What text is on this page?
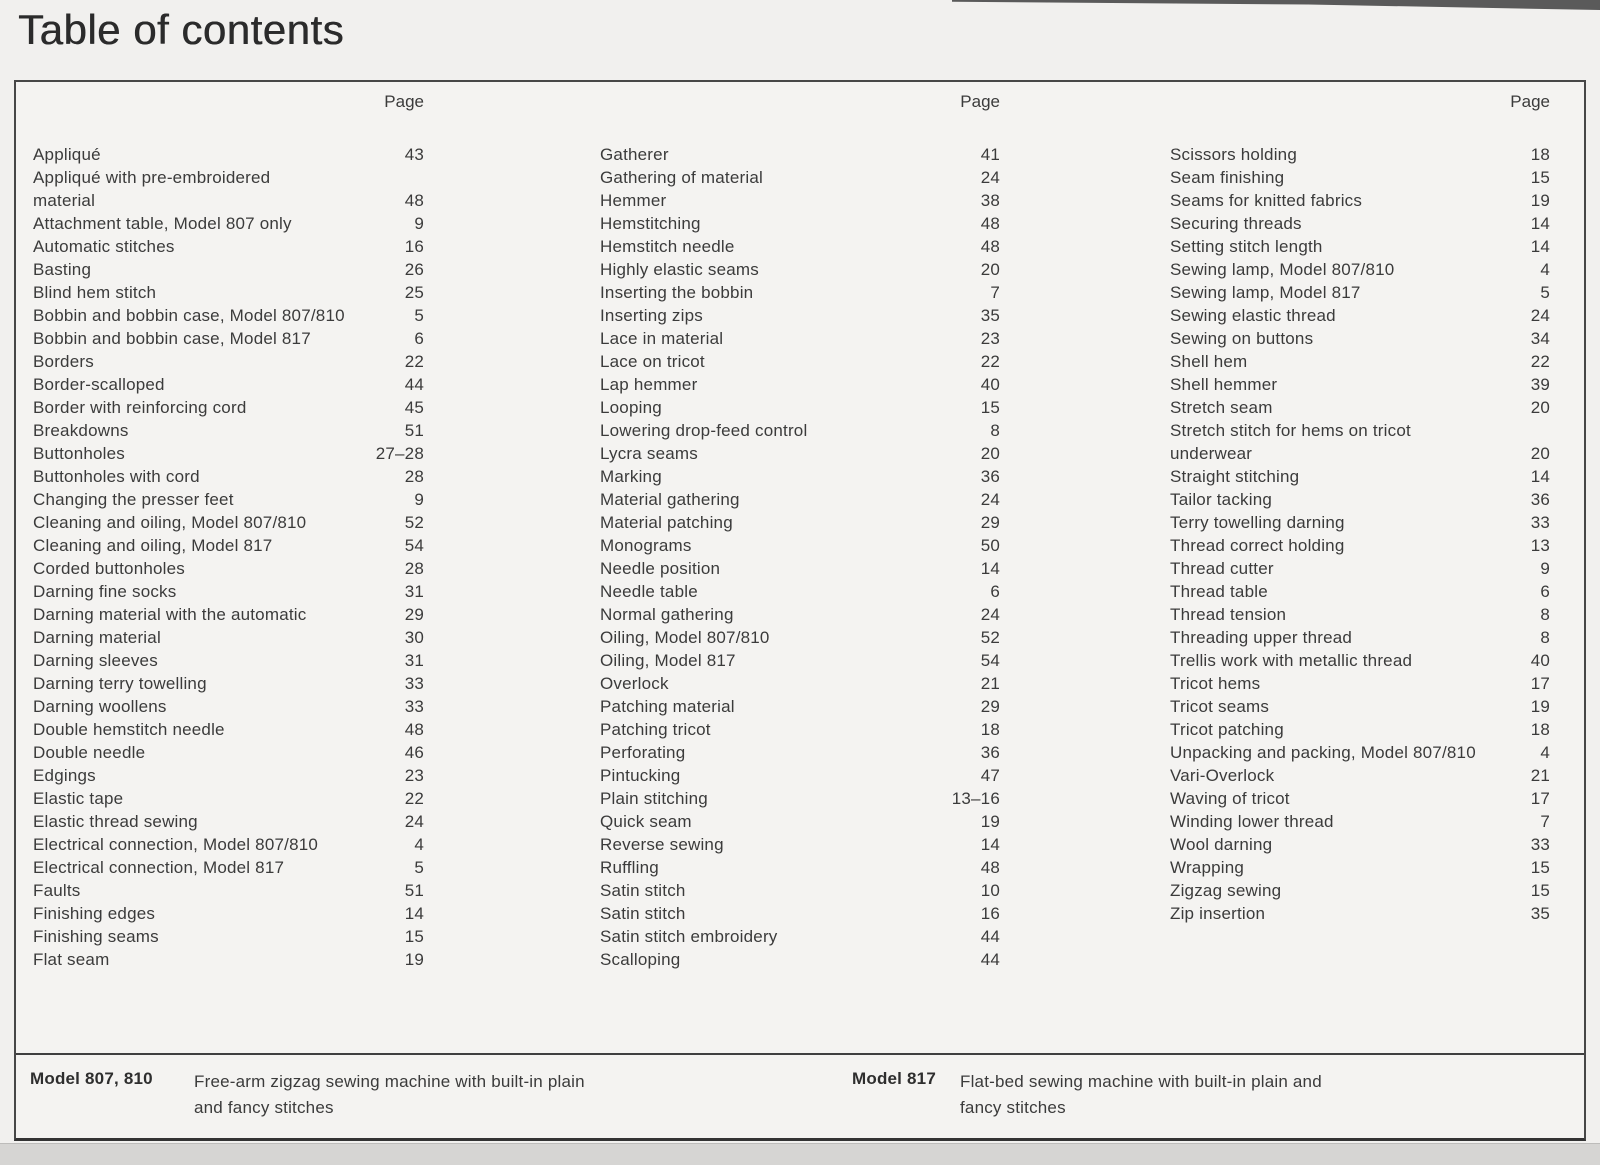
Table of contents
Page	Page	Page
Appliqué	43
Appliqué with pre-embroidered
material	48
Attachment table, Model 807 only	9
Automatic stitches	16
Basting	26
Blind hem stitch	25
Bobbin and bobbin case, Model 807/810	5
Bobbin and bobbin case, Model 817	6
Borders	22
Border-scalloped	44
Border with reinforcing cord	45
Breakdowns	51
Buttonholes	27–28
Buttonholes with cord	28
Changing the presser feet	9
Cleaning and oiling, Model 807/810	52
Cleaning and oiling, Model 817	54
Corded buttonholes	28
Darning fine socks	31
Darning material with the automatic	29
Darning material	30
Darning sleeves	31
Darning terry towelling	33
Darning woollens	33
Double hemstitch needle	48
Double needle	46
Edgings	23
Elastic tape	22
Elastic thread sewing	24
Electrical connection, Model 807/810	4
Electrical connection, Model 817	5
Faults	51
Finishing edges	14
Finishing seams	15
Flat seam	19
Gatherer	41
Gathering of material	24
Hemmer	38
Hemstitching	48
Hemstitch needle	48
Highly elastic seams	20
Inserting the bobbin	7
Inserting zips	35
Lace in material	23
Lace on tricot	22
Lap hemmer	40
Looping	15
Lowering drop-feed control	8
Lycra seams	20
Marking	36
Material gathering	24
Material patching	29
Monograms	50
Needle position	14
Needle table	6
Normal gathering	24
Oiling, Model 807/810	52
Oiling, Model 817	54
Overlock	21
Patching material	29
Patching tricot	18
Perforating	36
Pintucking	47
Plain stitching	13–16
Quick seam	19
Reverse sewing	14
Ruffling	48
Satin stitch	10
Satin stitch	16
Satin stitch embroidery	44
Scalloping	44
Scissors holding	18
Seam finishing	15
Seams for knitted fabrics	19
Securing threads	14
Setting stitch length	14
Sewing lamp, Model 807/810	4
Sewing lamp, Model 817	5
Sewing elastic thread	24
Sewing on buttons	34
Shell hem	22
Shell hemmer	39
Stretch seam	20
Stretch stitch for hems on tricot
underwear	20
Straight stitching	14
Tailor tacking	36
Terry towelling darning	33
Thread correct holding	13
Thread cutter	9
Thread table	6
Thread tension	8
Threading upper thread	8
Trellis work with metallic thread	40
Tricot hems	17
Tricot seams	19
Tricot patching	18
Unpacking and packing, Model 807/810	4
Vari-Overlock	21
Waving of tricot	17
Winding lower thread	7
Wool darning	33
Wrapping	15
Zigzag sewing	15
Zip insertion	35
Model 807, 810 Free-arm zigzag sewing machine with built-in plain
and fancy stitches
Model 817 Flat-bed sewing machine with built-in plain and
fancy stitches
